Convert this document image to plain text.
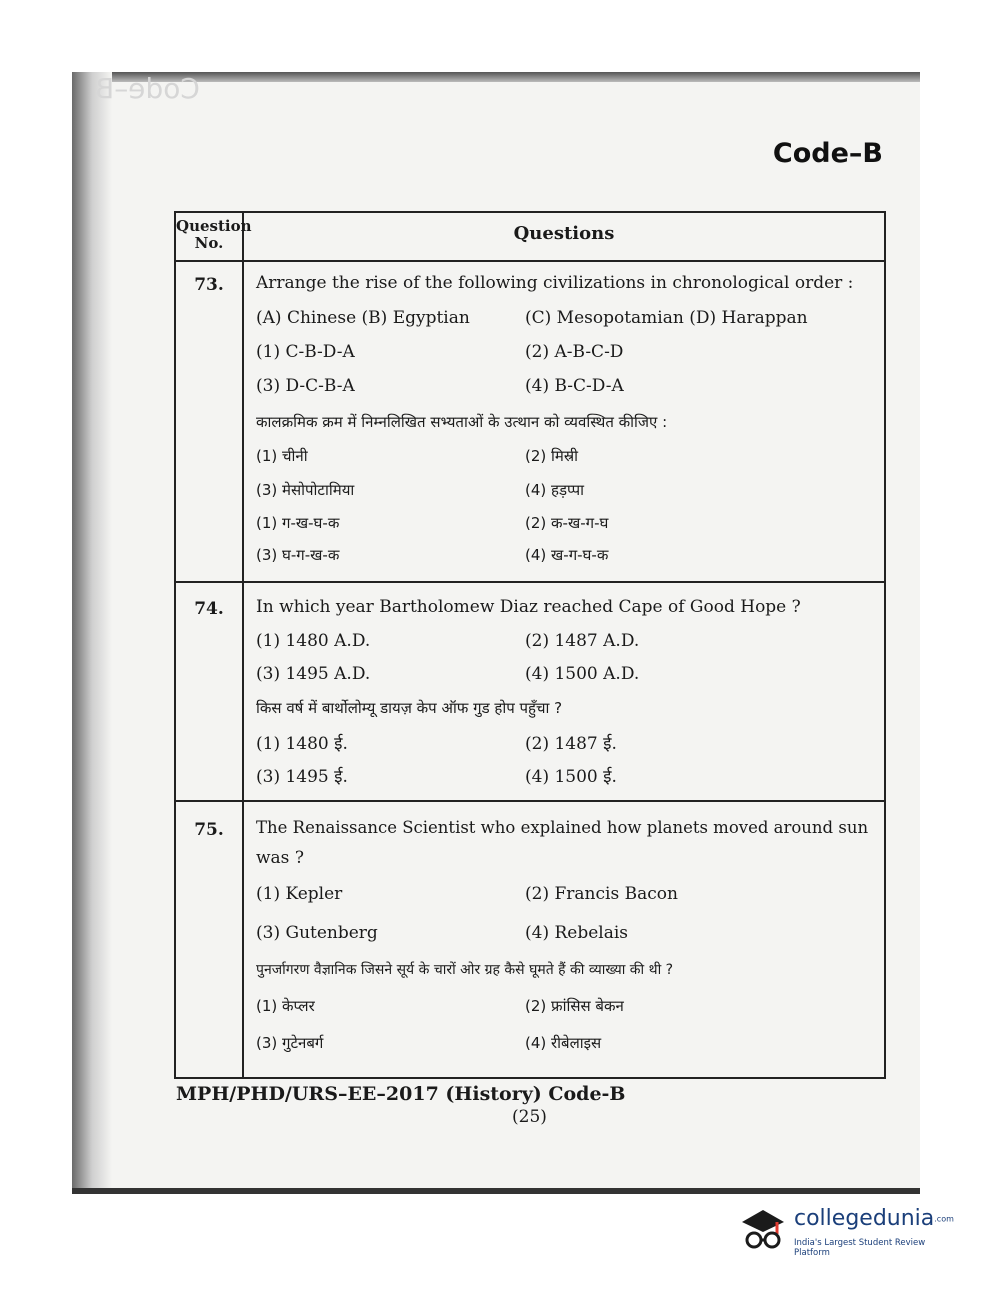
Code–B
Code–B
Question
No.	Questions
73.	Arrange the rise of the following civilizations in chronological order :
(A) Chinese (B) Egyptian	(C) Mesopotamian (D) Harappan
(1) C-B-D-A	(2) A-B-C-D
(3) D-C-B-A	(4) B-C-D-A
कालक्रमिक क्रम में निम्नलिखित सभ्यताओं के उत्थान को व्यवस्थित कीजिए :
(1) चीनी	(2) मिस्री
(3) मेसोपोटामिया	(4) हड़प्पा
(1) ग-ख-घ-क	(2) क-ख-ग-घ
(3) घ-ग-ख-क	(4) ख-ग-घ-क
74.	In which year Bartholomew Diaz reached Cape of Good Hope ?
(1) 1480 A.D.	(2) 1487 A.D.
(3) 1495 A.D.	(4) 1500 A.D.
किस वर्ष में बार्थोलोम्यू डायज़ केप ऑफ गुड होप पहुँचा ?
(1) 1480 ई.	(2) 1487 ई.
(3) 1495 ई.	(4) 1500 ई.
75.	The Renaissance Scientist who explained how planets moved around sun
was ?
(1) Kepler	(2) Francis Bacon
(3) Gutenberg	(4) Rebelais
पुनर्जागरण वैज्ञानिक जिसने सूर्य के चारों ओर ग्रह कैसे घूमते हैं की व्याख्या की थी ?
(1) केप्लर	(2) फ्रांसिस बेकन
(3) गुटेनबर्ग	(4) रीबेलाइस
MPH/PHD/URS–EE–2017 (History) Code-B
(25)
collegedunia.com
India's Largest Student Review Platform
